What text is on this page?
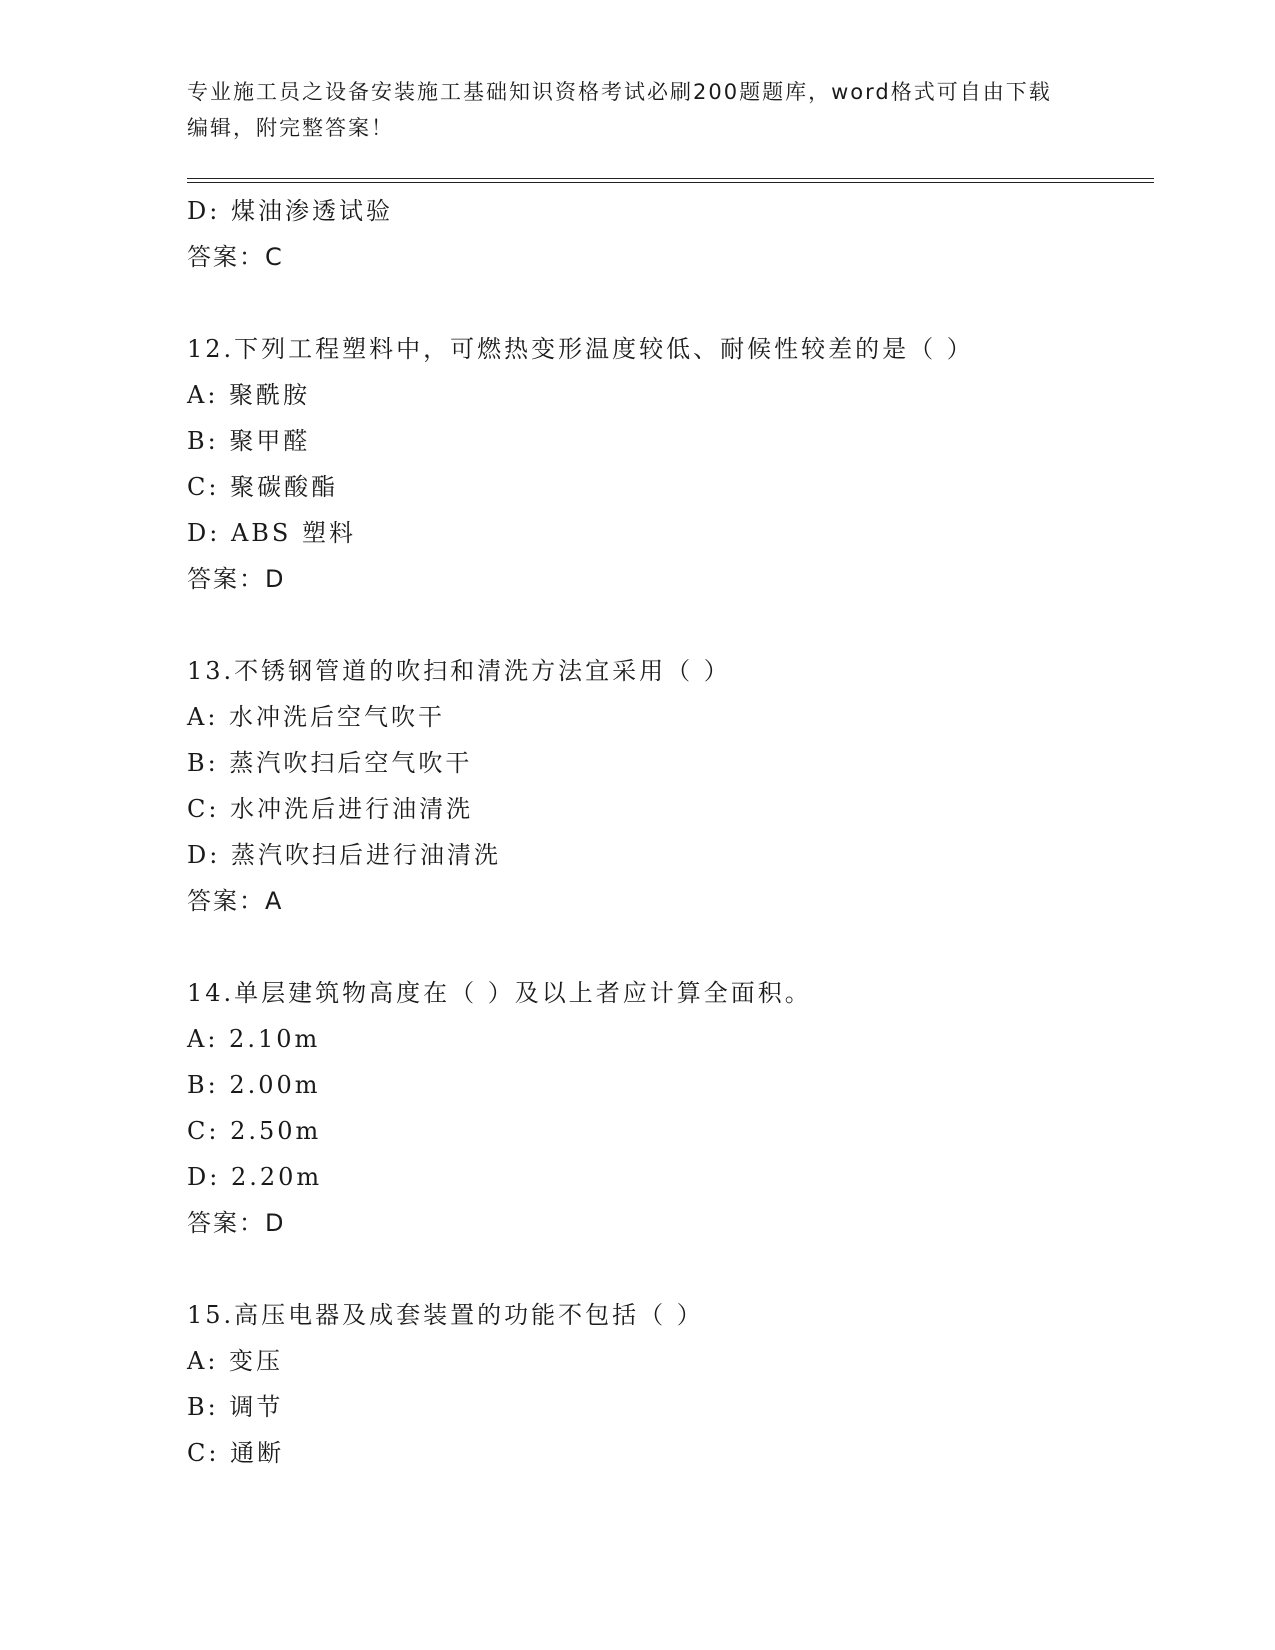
专业施工员之设备安装施工基础知识资格考试必刷200题题库，word格式可自由下载编辑，附完整答案！

D: 煤油渗透试验
答案：C
12.下列工程塑料中，可燃热变形温度较低、耐候性较差的是（ ）
A: 聚酰胺
B: 聚甲醛
C: 聚碳酸酯
D: ABS 塑料
答案：D
13.不锈钢管道的吹扫和清洗方法宜采用（ ）
A: 水冲洗后空气吹干
B: 蒸汽吹扫后空气吹干
C: 水冲洗后进行油清洗
D: 蒸汽吹扫后进行油清洗
答案：A
14.单层建筑物高度在（ ）及以上者应计算全面积。
A: 2.10m
B: 2.00m
C: 2.50m
D: 2.20m
答案：D
15.高压电器及成套装置的功能不包括（ ）
A: 变压
B: 调节
C: 通断
